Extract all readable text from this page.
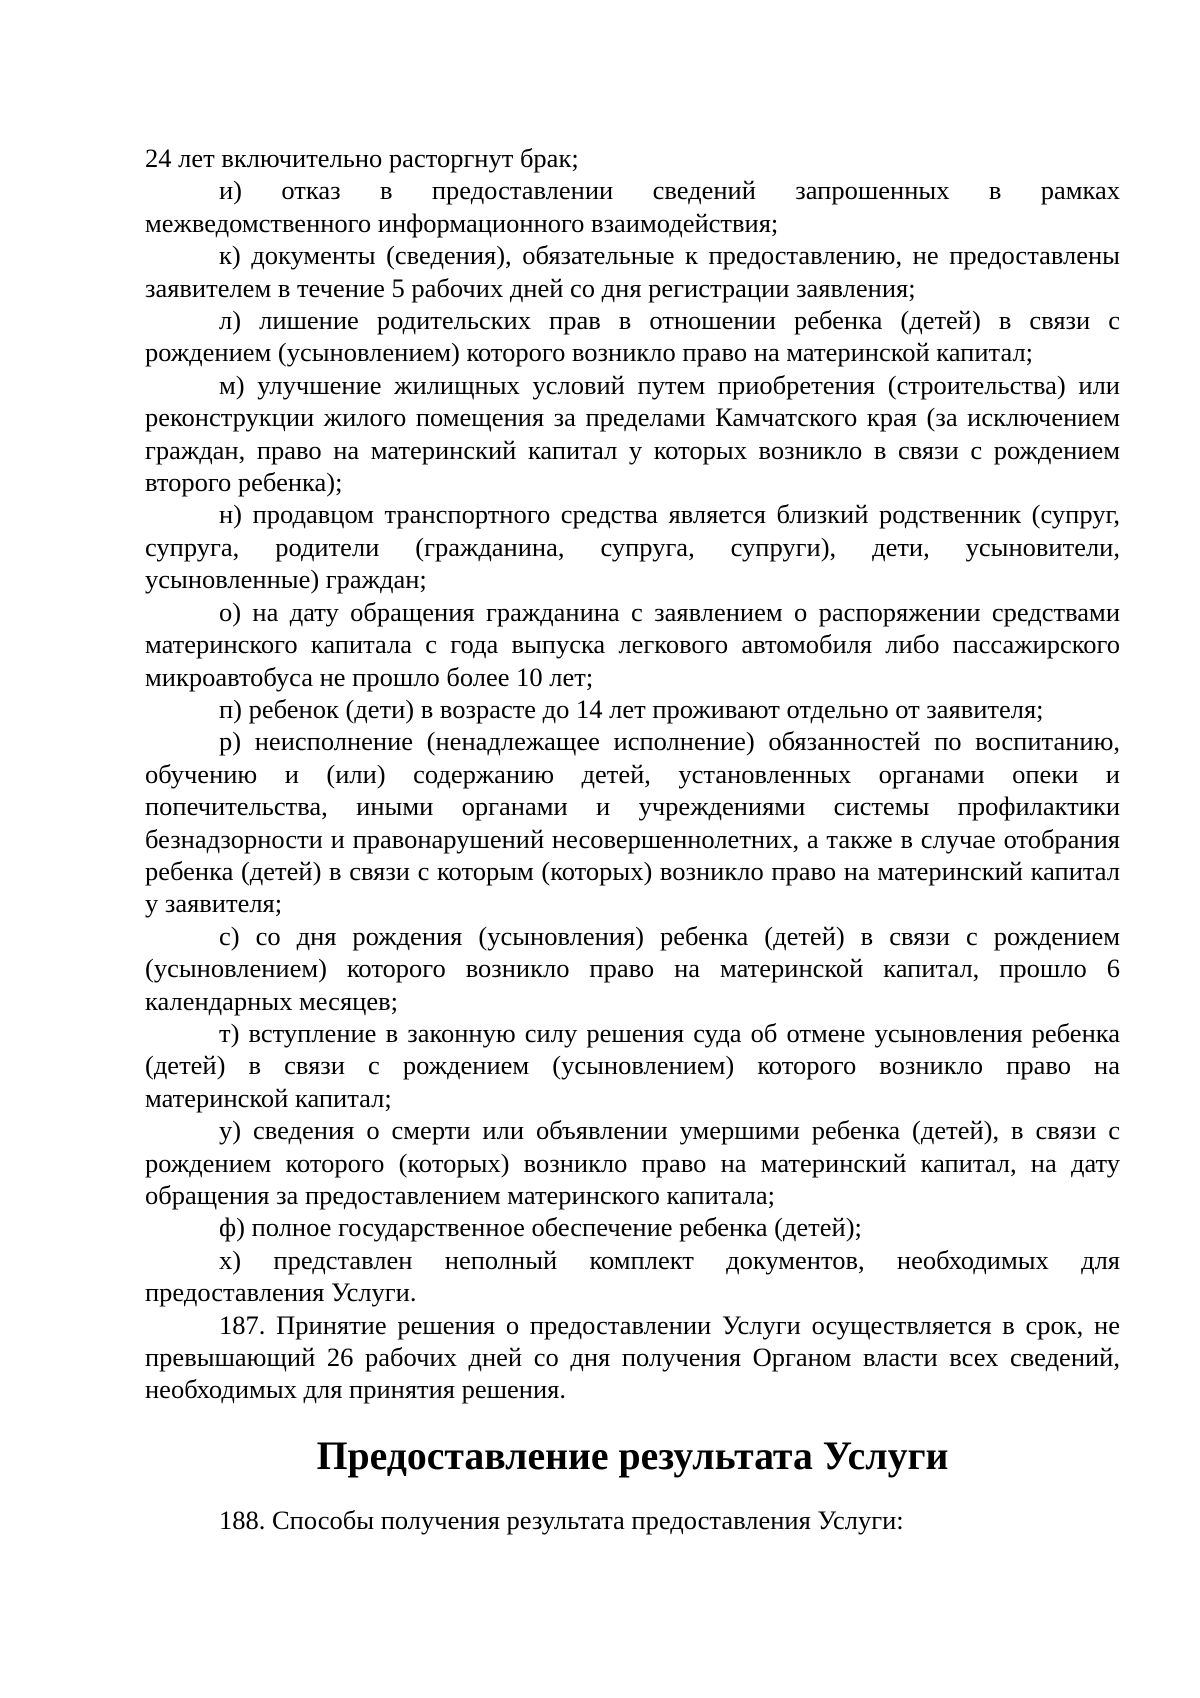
24 лет включительно расторгнут брак;

и) отказ в предоставлении сведений запрошенных в рамках межведомственного информационного взаимодействия;

к) документы (сведения), обязательные к предоставлению, не предоставлены заявителем в течение 5 рабочих дней со дня регистрации заявления;

л) лишение родительских прав в отношении ребенка (детей) в связи с рождением (усыновлением) которого возникло право на материнской капитал;

м) улучшение жилищных условий путем приобретения (строительства) или реконструкции жилого помещения за пределами Камчатского края (за исключением граждан, право на материнский капитал у которых возникло в связи с рождением второго ребенка);

н) продавцом транспортного средства является близкий родственник (супруг, супруга, родители (гражданина, супруга, супруги), дети, усыновители, усыновленные) граждан;

о) на дату обращения гражданина с заявлением о распоряжении средствами материнского капитала с года выпуска легкового автомобиля либо пассажирского микроавтобуса не прошло более 10 лет;

п) ребенок (дети) в возрасте до 14 лет проживают отдельно от заявителя;

р) неисполнение (ненадлежащее исполнение) обязанностей по воспитанию, обучению и (или) содержанию детей, установленных органами опеки и попечительства, иными органами и учреждениями системы профилактики безнадзорности и правонарушений несовершеннолетних, а также в случае отобрания ребенка (детей) в связи с которым (которых) возникло право на материнский капитал у заявителя;

с) со дня рождения (усыновления) ребенка (детей) в связи с рождением (усыновлением) которого возникло право на материнской капитал, прошло 6 календарных месяцев;

т) вступление в законную силу решения суда об отмене усыновления ребенка (детей) в связи с рождением (усыновлением) которого возникло право на материнской капитал;

у) сведения о смерти или объявлении умершими ребенка (детей), в связи с рождением которого (которых) возникло право на материнский капитал, на дату обращения за предоставлением материнского капитала;

ф) полное государственное обеспечение ребенка (детей);

х) представлен неполный комплект документов, необходимых для предоставления Услуги.

187. Принятие решения о предоставлении Услуги осуществляется в срок, не превышающий 26 рабочих дней со дня получения Органом власти всех сведений, необходимых для принятия решения.

Предоставление результата Услуги

188. Способы получения результата предоставления Услуги:
